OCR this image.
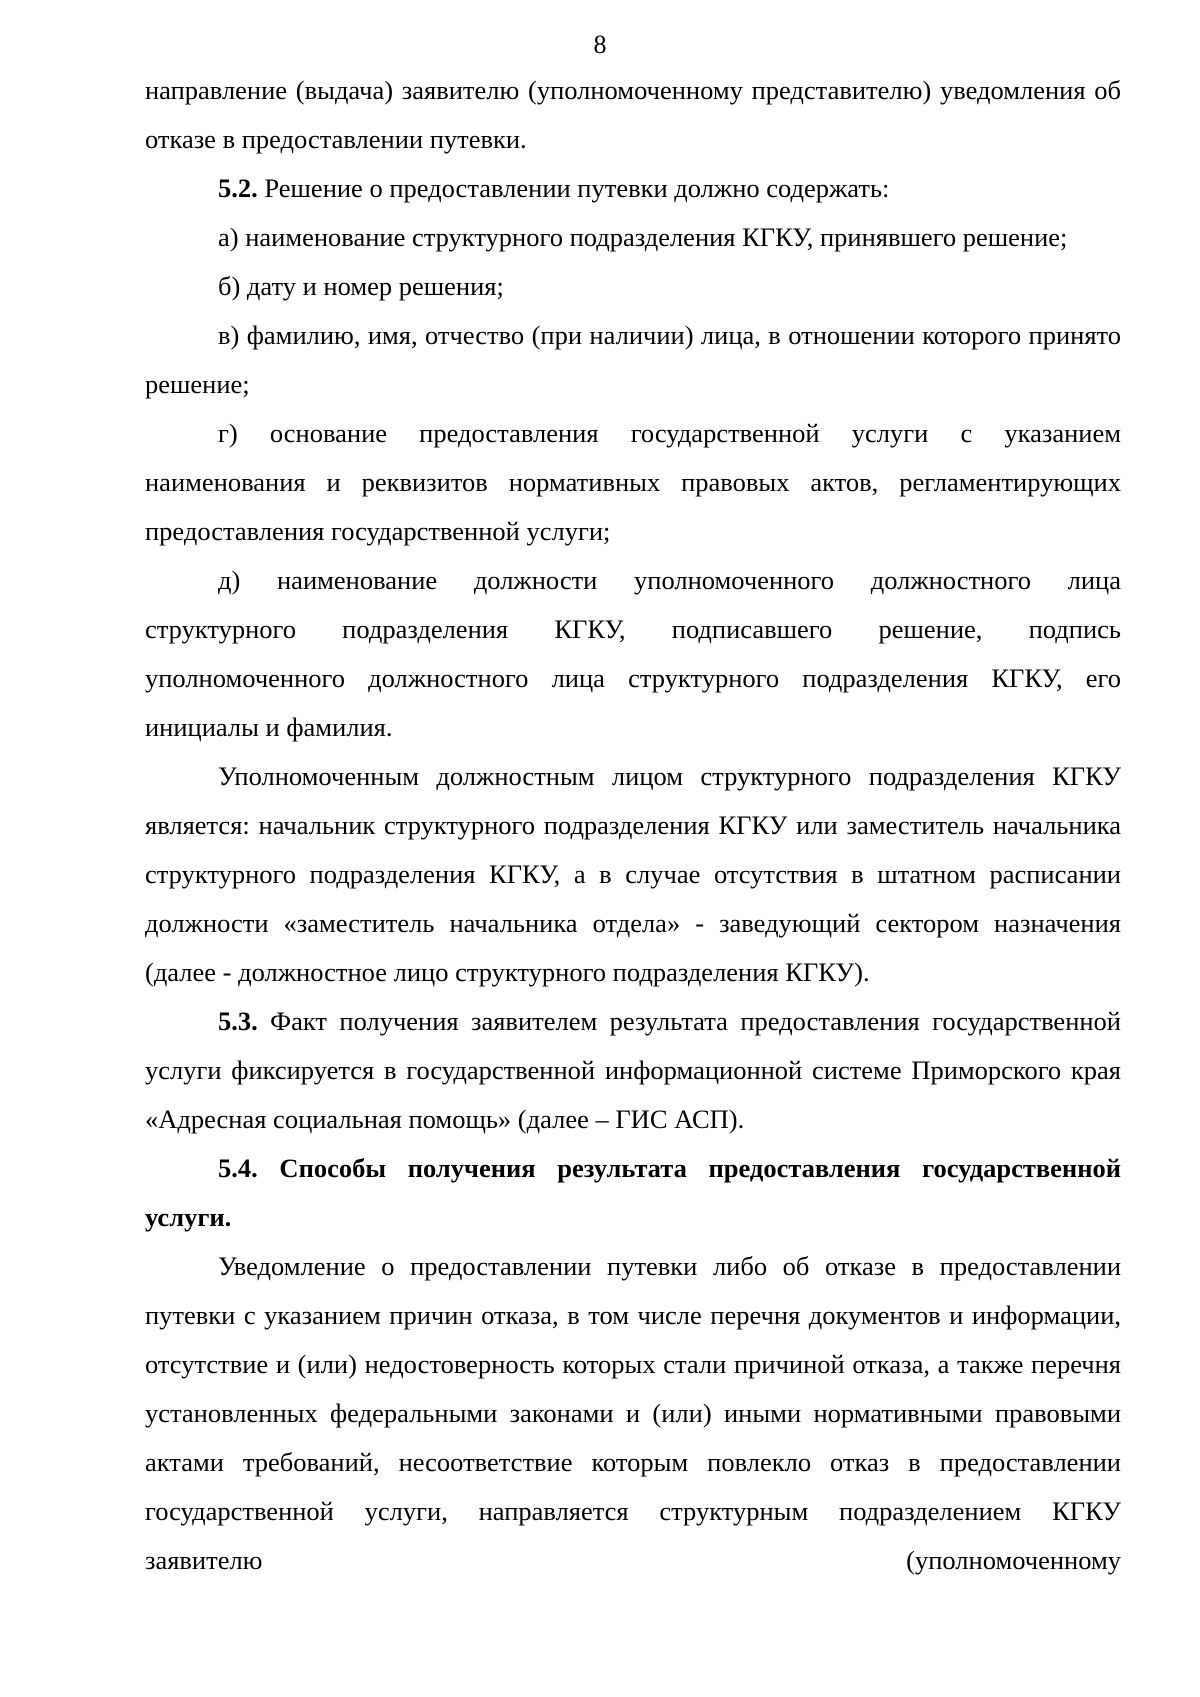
8

направление (выдача) заявителю (уполномоченному представителю) уведомления об отказе в предоставлении путевки.

5.2. Решение о предоставлении путевки должно содержать:

а) наименование структурного подразделения КГКУ, принявшего решение;

б) дату и номер решения;

в) фамилию, имя, отчество (при наличии) лица, в отношении которого принято решение;

г) основание предоставления государственной услуги с указанием наименования и реквизитов нормативных правовых актов, регламентирующих предоставления государственной услуги;

д) наименование должности уполномоченного должностного лица структурного подразделения КГКУ, подписавшего решение, подпись уполномоченного должностного лица структурного подразделения КГКУ, его инициалы и фамилия.

Уполномоченным должностным лицом структурного подразделения КГКУ является: начальник структурного подразделения КГКУ или заместитель начальника структурного подразделения КГКУ, а в случае отсутствия в штатном расписании должности «заместитель начальника отдела» - заведующий сектором назначения (далее - должностное лицо структурного подразделения КГКУ).

5.3. Факт получения заявителем результата предоставления государственной услуги фиксируется в государственной информационной системе Приморского края «Адресная социальная помощь» (далее – ГИС АСП).

5.4. Способы получения результата предоставления государственной услуги.

Уведомление о предоставлении путевки либо об отказе в предоставлении путевки с указанием причин отказа, в том числе перечня документов и информации, отсутствие и (или) недостоверность которых стали причиной отказа, а также перечня установленных федеральными законами и (или) иными нормативными правовыми актами требований, несоответствие которым повлекло отказ в предоставлении государственной услуги, направляется структурным подразделением КГКУ заявителю (уполномоченному
